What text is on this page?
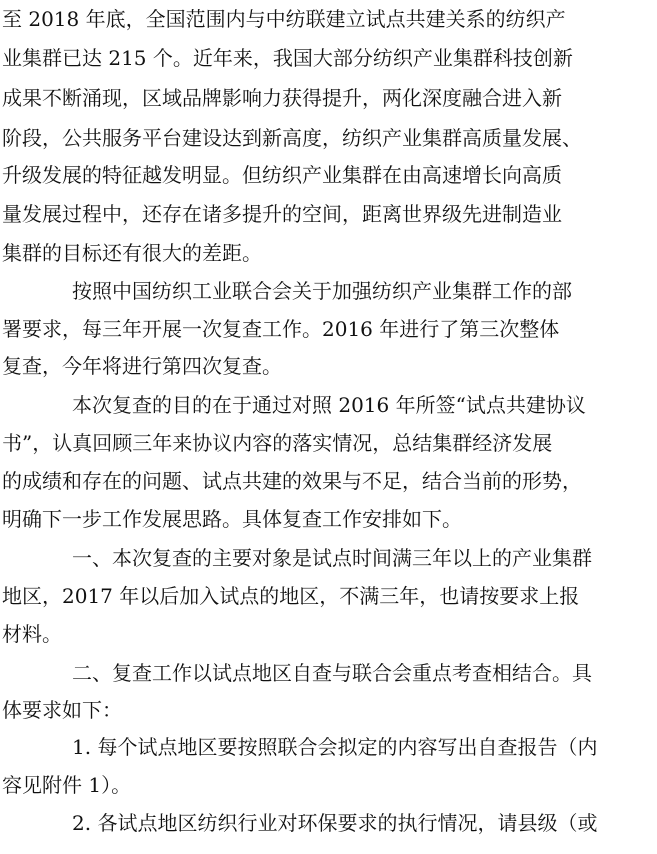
至 2018 年底，全国范围内与中纺联建立试点共建关系的纺织产
业集群已达 215 个。近年来，我国大部分纺织产业集群科技创新
成果不断涌现，区域品牌影响力获得提升，两化深度融合进入新
阶段，公共服务平台建设达到新高度，纺织产业集群高质量发展、
升级发展的特征越发明显。但纺织产业集群在由高速增长向高质
量发展过程中，还存在诸多提升的空间，距离世界级先进制造业
集群的目标还有很大的差距。
按照中国纺织工业联合会关于加强纺织产业集群工作的部
署要求，每三年开展一次复查工作。2016 年进行了第三次整体
复查，今年将进行第四次复查。
本次复查的目的在于通过对照 2016 年所签“试点共建协议
书”，认真回顾三年来协议内容的落实情况，总结集群经济发展
的成绩和存在的问题、试点共建的效果与不足，结合当前的形势，
明确下一步工作发展思路。具体复查工作安排如下。
一、本次复查的主要对象是试点时间满三年以上的产业集群
地区，2017 年以后加入试点的地区，不满三年，也请按要求上报
材料。
二、复查工作以试点地区自查与联合会重点考查相结合。具
体要求如下：
1. 每个试点地区要按照联合会拟定的内容写出自查报告（内
容见附件 1）。
2. 各试点地区纺织行业对环保要求的执行情况，请县级（或
